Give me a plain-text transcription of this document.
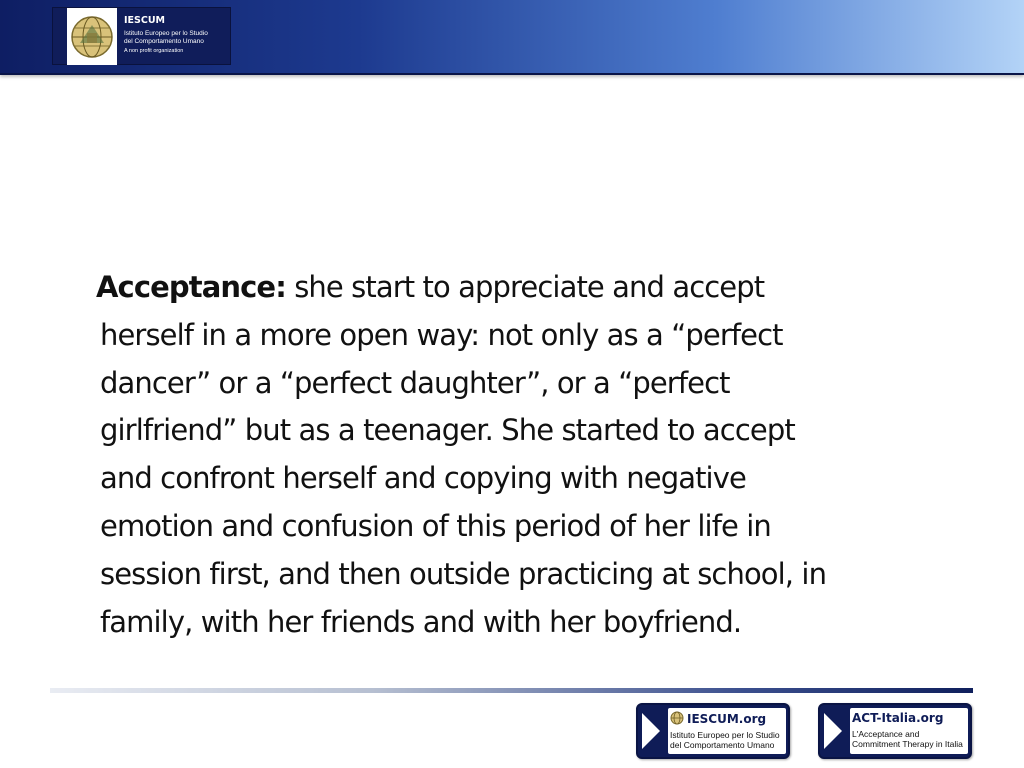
IESCUM
Istituto Europeo per lo Studio
del Comportamento Umano
A non profit organization
Acceptance: she start to appreciate and accept
herself in a more open way: not only as a “perfect
dancer” or a “perfect daughter”, or a “perfect
girlfriend” but as a teenager. She started to accept
and confront herself and copying with negative
emotion and confusion of this period of her life in
session first, and then outside practicing at school, in
family, with her friends and with her boyfriend.
IESCUM.org
Istituto Europeo per lo Studio
del Comportamento Umano
ACT-Italia.org
L'Acceptance and
Commitment Therapy in Italia
